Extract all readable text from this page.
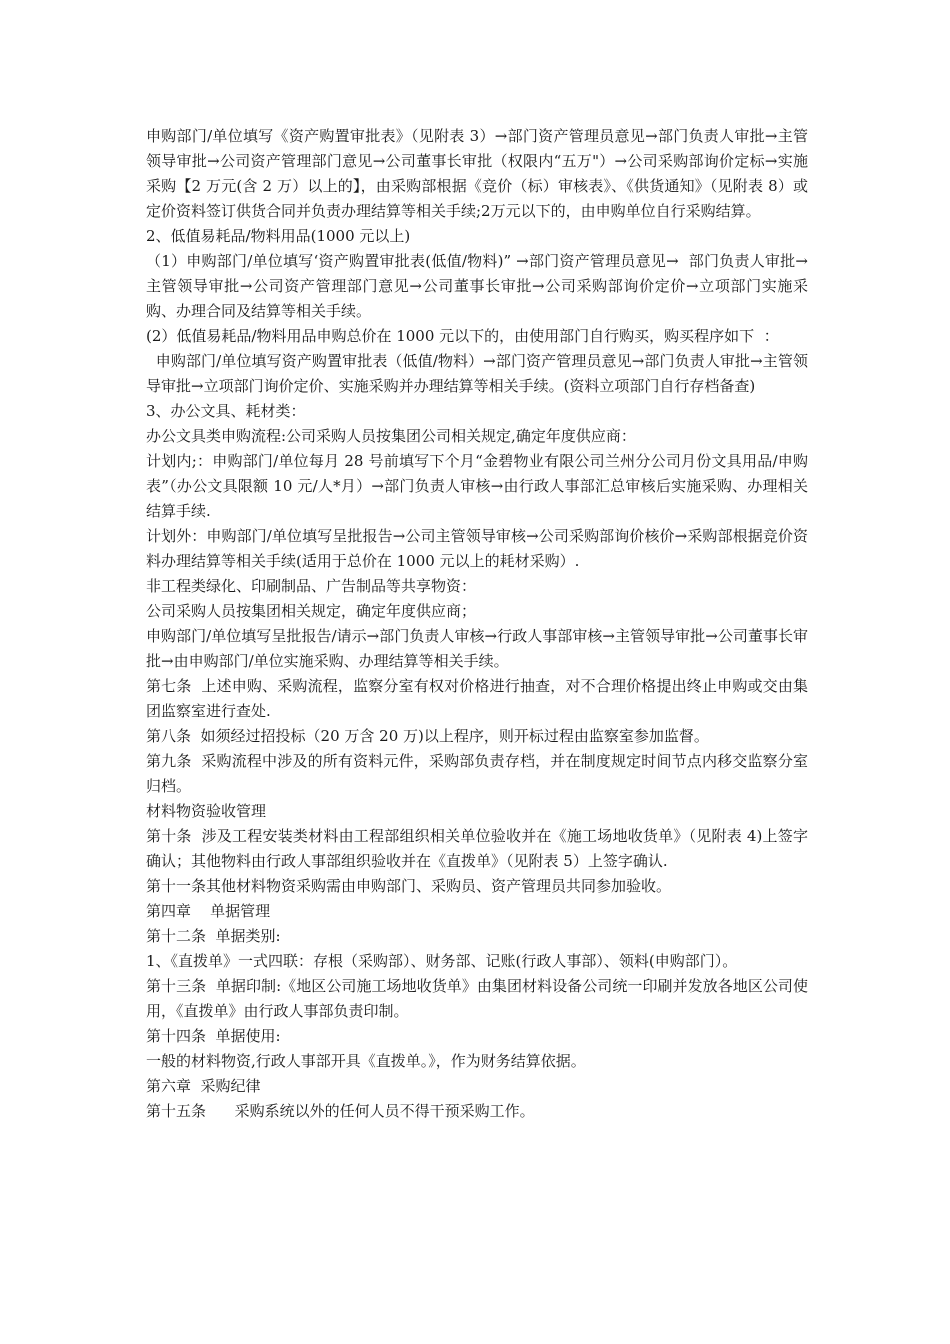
申购部门/单位填写《资产购置审批表》（见附表 3）→部门资产管理员意见→部门负责人审批→主管领导审批→公司资产管理部门意见→公司董事长审批（权限内“五万"）→公司采购部询价定标→实施采购【2 万元(含 2 万）以上的】，由采购部根据《竞价（标）审核表》、《供货通知》（见附表 8）或定价资料签订供货合同并负责办理结算等相关手续;2万元以下的，由申购单位自行采购结算。

2、低值易耗品/物料用品(1000 元以上)

（1）申购部门/单位填写‘资产购置审批表(低值/物料)” →部门资产管理员意见→  部门负责人审批→主管领导审批→公司资产管理部门意见→公司董事长审批→公司采购部询价定价→立项部门实施采购、办理合同及结算等相关手续。

(2）低值易耗品/物料用品申购总价在 1000 元以下的，由使用部门自行购买，购买程序如下  ：

申购部门/单位填写资产购置审批表（低值/物料）→部门资产管理员意见→部门负责人审批→主管领导审批→立项部门询价定价、实施采购并办理结算等相关手续。(资料立项部门自行存档备查)

3、办公文具、耗材类：

办公文具类申购流程:公司采购人员按集团公司相关规定,确定年度供应商：

计划内;：申购部门/单位每月 28 号前填写下个月“金碧物业有限公司兰州分公司月份文具用品/申购表”（办公文具限额 10 元/人*月）→部门负责人审核→由行政人事部汇总审核后实施采购、办理相关结算手续.

计划外：申购部门/单位填写呈批报告→公司主管领导审核→公司采购部询价核价→采购部根据竞价资料办理结算等相关手续(适用于总价在 1000 元以上的耗材采购）.

非工程类绿化、印刷制品、广告制品等共享物资：

公司采购人员按集团相关规定，确定年度供应商；

申购部门/单位填写呈批报告/请示→部门负责人审核→行政人事部审核→主管领导审批→公司董事长审批→由申购部门/单位实施采购、办理结算等相关手续。

第七条  上述申购、采购流程，监察分室有权对价格进行抽查，对不合理价格提出终止申购或交由集团监察室进行查处.

第八条  如须经过招投标（20 万含 20 万)以上程序，则开标过程由监察室参加监督。

第九条  采购流程中涉及的所有资料元件，采购部负责存档，并在制度规定时间节点内移交监察分室归档。

材料物资验收管理

第十条  涉及工程安装类材料由工程部组织相关单位验收并在《施工场地收货单》（见附表 4)上签字确认；其他物料由行政人事部组织验收并在《直拨单》（见附表 5）上签字确认.

第十一条其他材料物资采购需由申购部门、采购员、资产管理员共同参加验收。

第四章    单据管理

第十二条  单据类别:

1、《直拨单》一式四联：存根（采购部）、财务部、记账(行政人事部）、领料(申购部门）。

第十三条  单据印制:《地区公司施工场地收货单》由集团材料设备公司统一印刷并发放各地区公司使用，《直拨单》由行政人事部负责印制。

第十四条  单据使用:

一般的材料物资,行政人事部开具《直拨单。》，作为财务结算依据。

第六章  采购纪律

第十五条      采购系统以外的任何人员不得干预采购工作。
